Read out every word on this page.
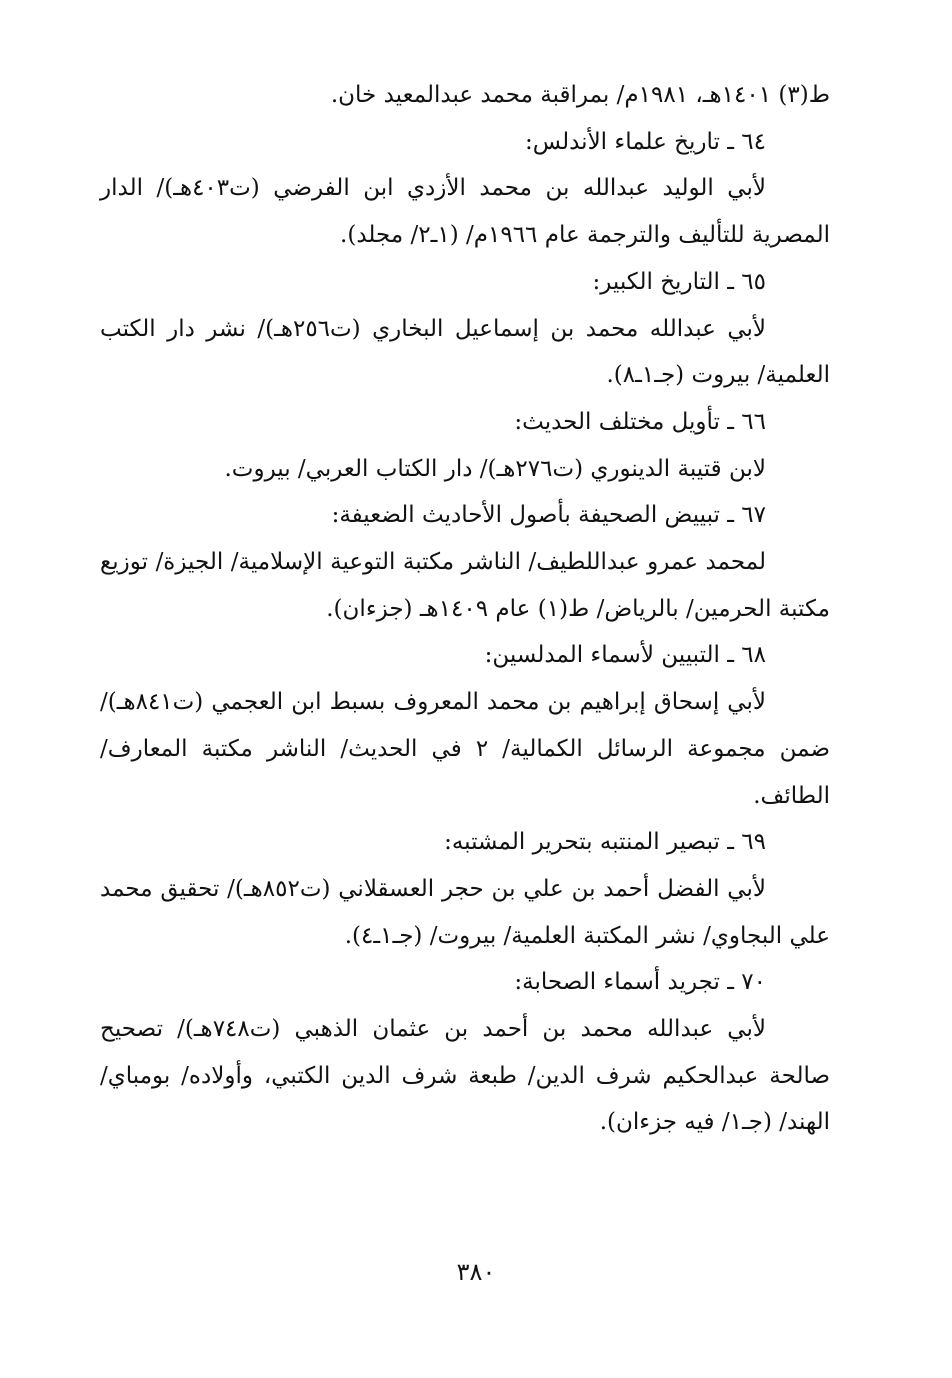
ط(٣) ١٤٠١هـ، ١٩٨١م/ بمراقبة محمد عبدالمعيد خان.

٦٤ ـ تاريخ علماء الأندلس:

لأبي الوليد عبدالله بن محمد الأزدي ابن الفرضي (ت٤٠٣هـ)/ الدار المصرية للتأليف والترجمة عام ١٩٦٦م/ (١ـ٢/ مجلد).

٦٥ ـ التاريخ الكبير:

لأبي عبدالله محمد بن إسماعيل البخاري (ت٢٥٦هـ)/ نشر دار الكتب العلمية/ بيروت (جـ١ـ٨).

٦٦ ـ تأويل مختلف الحديث:

لابن قتيبة الدينوري (ت٢٧٦هـ)/ دار الكتاب العربي/ بيروت.

٦٧ ـ تبييض الصحيفة بأصول الأحاديث الضعيفة:

لمحمد عمرو عبداللطيف/ الناشر مكتبة التوعية الإسلامية/ الجيزة/ توزيع مكتبة الحرمين/ بالرياض/ ط(١) عام ١٤٠٩هـ (جزءان).

٦٨ ـ التبيين لأسماء المدلسين:

لأبي إسحاق إبراهيم بن محمد المعروف بسبط ابن العجمي (ت٨٤١هـ)/ ضمن مجموعة الرسائل الكمالية/ ٢ في الحديث/ الناشر مكتبة المعارف/ الطائف.

٦٩ ـ تبصير المنتبه بتحرير المشتبه:

لأبي الفضل أحمد بن علي بن حجر العسقلاني (ت٨٥٢هـ)/ تحقيق محمد علي البجاوي/ نشر المكتبة العلمية/ بيروت/ (جـ١ـ٤).

٧٠ ـ تجريد أسماء الصحابة:

لأبي عبدالله محمد بن أحمد بن عثمان الذهبي (ت٧٤٨هـ)/ تصحيح صالحة عبدالحكيم شرف الدين/ طبعة شرف الدين الكتبي، وأولاده/ بومباي/ الهند/ (جـ١/ فيه جزءان).

٣٨٠
